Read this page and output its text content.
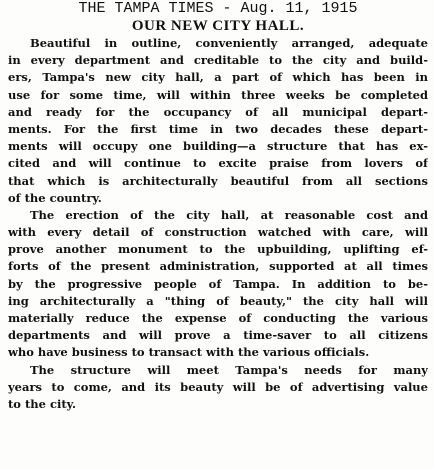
THE TAMPA TIMES - Aug. 11, 1915
OUR NEW CITY HALL.

Beautiful in outline, conveniently arranged, adequate
in every department and creditable to the city and build-
ers, Tampa's new city hall, a part of which has been in
use for some time, will within three weeks be completed
and ready for the occupancy of all municipal depart-
ments. For the first time in two decades these depart-
ments will occupy one building—a structure that has ex-
cited and will continue to excite praise from lovers of
that which is architecturally beautiful from all sections
of the country.

The erection of the city hall, at reasonable cost and
with every detail of construction watched with care, will
prove another monument to the upbuilding, uplifting ef-
forts of the present administration, supported at all times
by the progressive people of Tampa. In addition to be-
ing architecturally a "thing of beauty," the city hall will
materially reduce the expense of conducting the various
departments and will prove a time-saver to all citizens
who have business to transact with the various officials.

The structure will meet Tampa's needs for many
years to come, and its beauty will be of advertising value
to the city.
